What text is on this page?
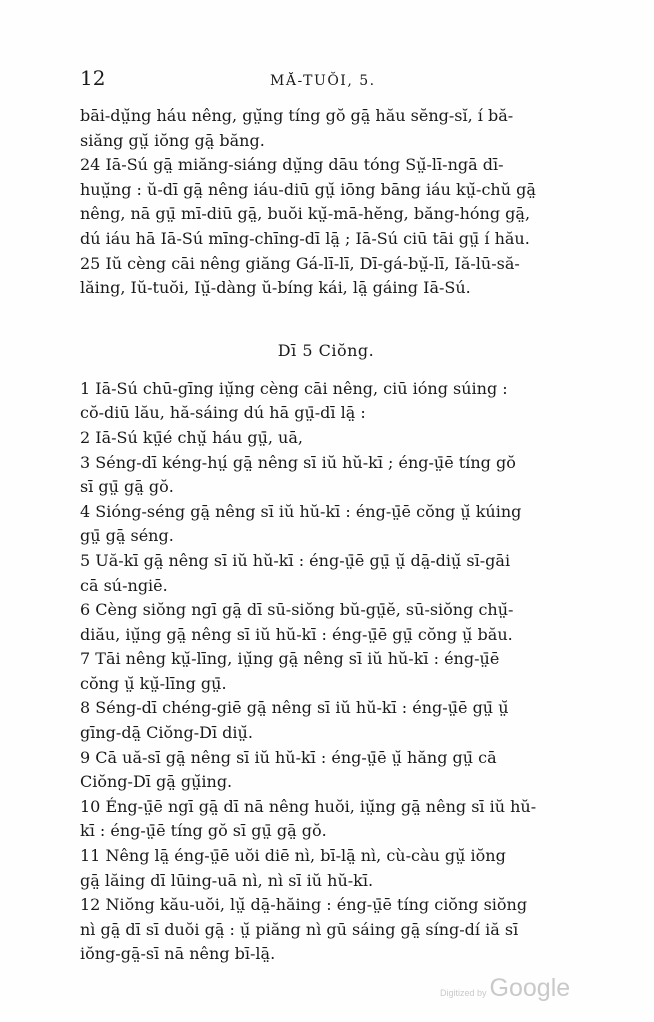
12	MĂ-TUŎI, 5.
bāi-dṳ̆ng háu nêng, gṳ̆ng tíng gŏ gā̤ hău sĕng-sĭ, í bă-
siăng gṳ̆ iŏng gā̤ băng.
24 Iā-Sú gā̤ miăng-siáng dṳ̆ng dāu tóng Sṳ̆-lī-ngā dī-
huṳ̆ng : ŭ-dī gā̤ nêng iáu-diū gṳ̆ iōng bāng iáu kṳ̆-chŭ gā̤
nêng, nā gṳ̄ mī-diū gā̤, buŏi kṳ̆-mā-hĕng, băng-hóng gā̤,
dú iáu hā Iā-Sú mīng-chīng-dī lā̤ ; Iā-Sú ciū tāi gṳ̄ í hău.
25 Iŭ cèng cāi nêng giăng Gá-lī-lī, Dī-gá-bṳ̆-lī, Iă-lū-să-
lăing, Iŭ-tuŏi, Iṳ̆-dàng ŭ-bíng kái, lā̤ gáing Iā-Sú.
Dī 5 Ciŏng.
1 Iā-Sú chū-gīng iṳ̆ng cèng cāi nêng, ciū ióng súing :
cŏ-diū lău, hă-sáing dú hā gṳ̄-dī lā̤ :
2 Iā-Sú kṳ̄é chṳ̆ háu gṳ̄, uā,
3 Séng-dī kéng-hṳ́ gā̤ nêng sī iŭ hŭ-kī ; éng-ṳ̄ē tíng gŏ
sī gṳ̄ gā̤ gŏ.
4 Sióng-séng gā̤ nêng sī iŭ hŭ-kī : éng-ṳ̄ē cŏng ṳ̆ kúing
gṳ̄ gā̤ séng.
5 Uă-kī gā̤ nêng sī iŭ hŭ-kī : éng-ṳ̄ē gṳ̄ ṳ̆ dā̤-diṳ̆ sī-gāi
cā sú-ngiē.
6 Cèng siŏng ngī gā̤ dī sū-siŏng bŭ-gṳ̄ĕ, sū-siŏng chṳ̆-
diău, iṳ̆ng gā̤ nêng sī iŭ hŭ-kī : éng-ṳ̄ē gṳ̄ cŏng ṳ̆ bău.
7 Tāi nêng kṳ̆-līng, iṳ̆ng gā̤ nêng sī iŭ hŭ-kī : éng-ṳ̄ē
cŏng ṳ̆ kṳ̆-līng gṳ̄.
8 Séng-dī chéng-giē gā̤ nêng sī iŭ hŭ-kī : éng-ṳ̄ē gṳ̄ ṳ̆
gīng-dā̤ Ciŏng-Dī diṳ̆.
9 Cā uă-sī gā̤ nêng sī iŭ hŭ-kī : éng-ṳ̄ē ṳ̆ hăng gṳ̄ cā
Ciŏng-Dī gā̤ gṳ̆ing.
10 Éng-ṳ̄ē ngī gā̤ dī nā nêng huŏi, iṳ̆ng gā̤ nêng sī iŭ hŭ-
kī : éng-ṳ̄ē tíng gŏ sī gṳ̄ gā̤ gŏ.
11 Nêng lā̤ éng-ṳ̄ē uŏi diē nì, bī-lā̤ nì, cù-càu gṳ̆ iŏng
gā̤ lăing dī lūing-uā nì, nì sī iŭ hŭ-kī.
12 Niŏng kău-uŏi, lṳ̆ dā̤-hăing : éng-ṳ̄ē tíng ciŏng siŏng
nì gā̤ dī sī duŏi gā̤ : ṳ̆ piăng nì gū sáing gā̤ síng-dí iă sī
iŏng-gā̤-sī nā nêng bī-lā̤.
Digitized by Google
